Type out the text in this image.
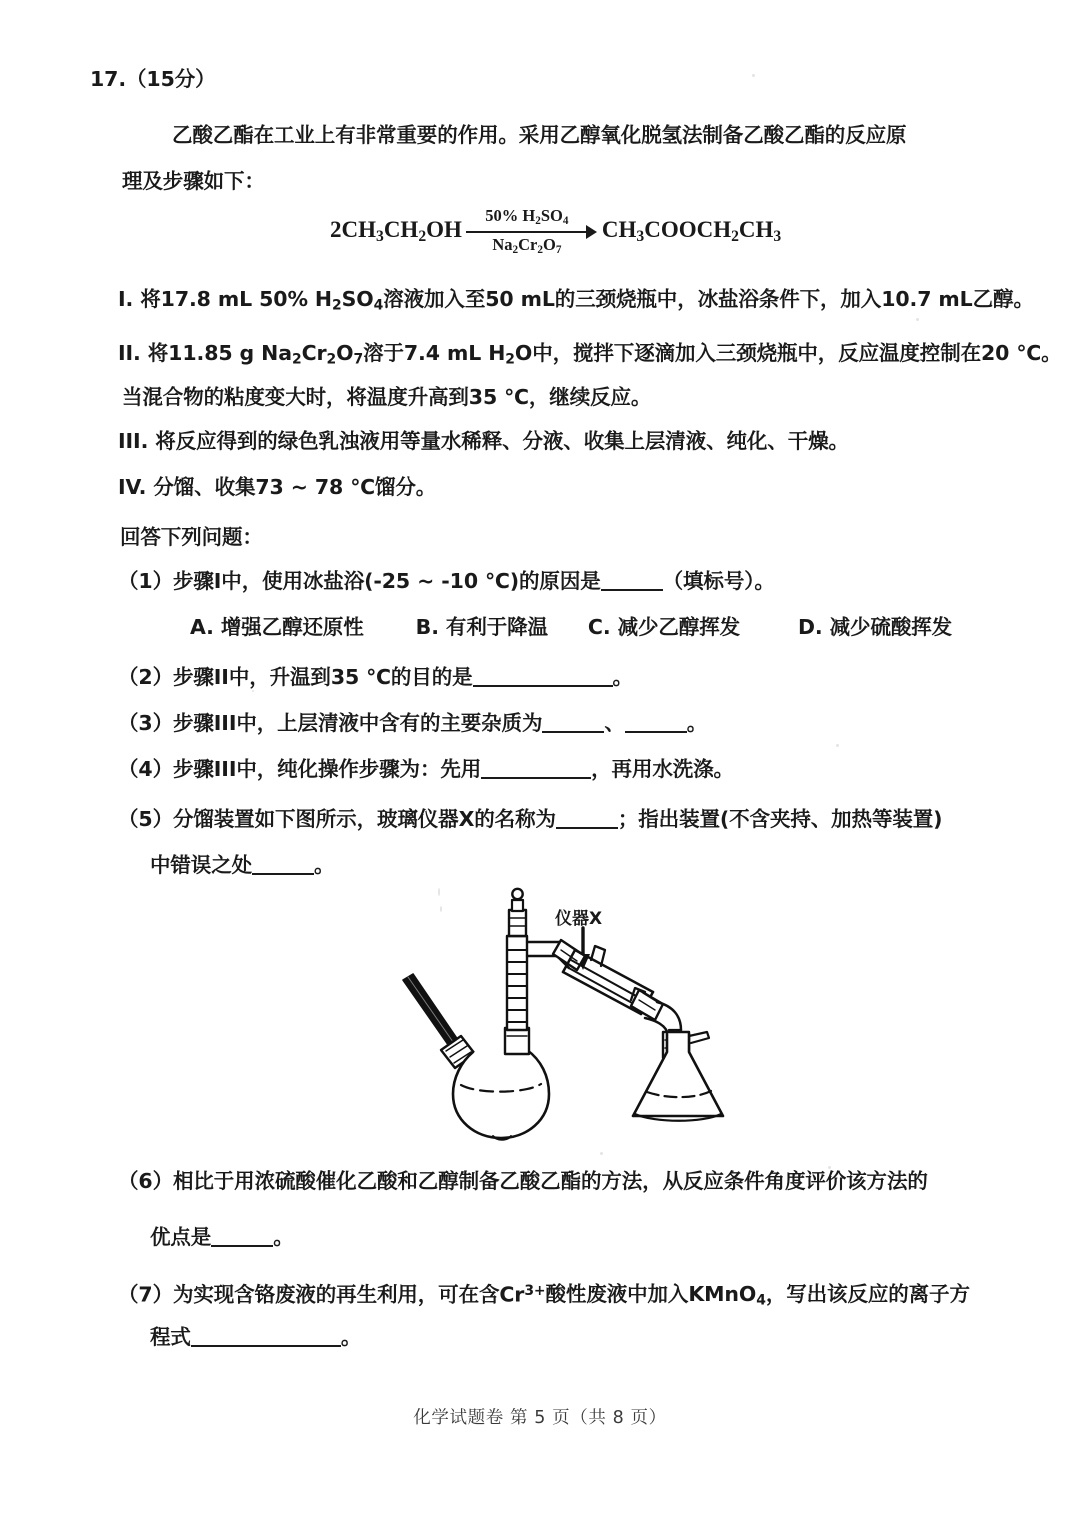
17.（15分）
乙酸乙酯在工业上有非常重要的作用。采用乙醇氧化脱氢法制备乙酸乙酯的反应原
理及步骤如下：
$2CH_3CH_2OH$
50% $H_2SO_4$
$Na_2Cr_2O_7$
$CH_3COOCH_2CH_3$
I. 将17.8 mL 50% $H_2SO_4$溶液加入至50 mL的三颈烧瓶中，冰盐浴条件下，加入10.7 mL乙醇。
II. 将11.85 g $Na_2Cr_2O_7$溶于7.4 mL $H_2O$中，搅拌下逐滴加入三颈烧瓶中，反应温度控制在20 ℃。
当混合物的粘度变大时，将温度升高到35 ℃，继续反应。
III. 将反应得到的绿色乳浊液用等量水稀释、分液、收集上层清液、纯化、干燥。
IV. 分馏、收集73 ~ 78 ℃馏分。
回答下列问题：
（1）步骤I中，使用冰盐浴(-25 ~ -10 ℃)的原因是	（填标号）。
A. 增强乙醇还原性	B. 有利于降温 C. 减少乙醇挥发	D. 减少硫酸挥发
（2）步骤II中，升温到35 ℃的目的是	。
（3）步骤III中，上层清液中含有的主要杂质为	、	。
（4）步骤III中，纯化操作步骤为：先用	，再用水洗涤。
（5）分馏装置如下图所示，玻璃仪器X的名称为	；指出装置(不含夹持、加热等装置)
中错误之处	。
仪器X
（6）相比于用浓硫酸催化乙酸和乙醇制备乙酸乙酯的方法，从反应条件角度评价该方法的
优点是	。
（7）为实现含铬废液的再生利用，可在含$Cr^{3+}$酸性废液中加入KMnO$_4$，写出该反应的离子方
程式	。
化学试题卷 第 5 页（共 8 页）
